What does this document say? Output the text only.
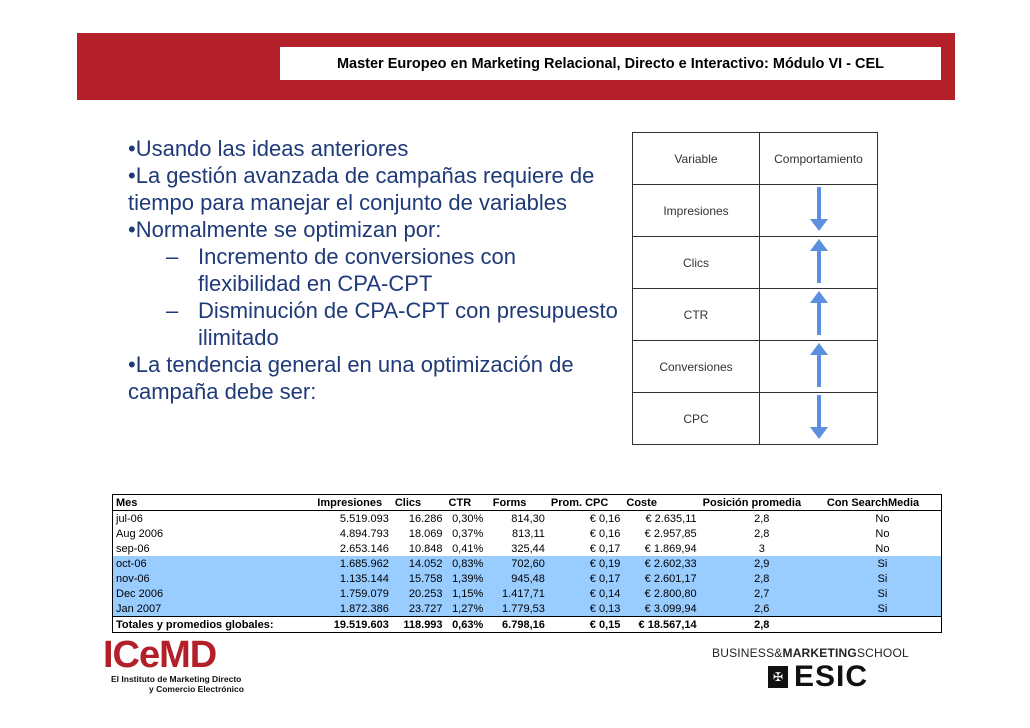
Master Europeo en Marketing Relacional, Directo e Interactivo: Módulo VI - CEL

•Usando las ideas anteriores

•La gestión avanzada de campañas requiere de tiempo para manejar el conjunto de variables

•Normalmente se optimizan por:

– Incremento de conversiones con flexibilidad en CPA-CPT
– Disminución de CPA-CPT con presupuesto ilimitado

•La tendencia general en una optimización de campaña debe ser:

Variable	Comportamiento
Impresiones	
Clics	
CTR	
Conversiones	
CPC	
Mes	Impresiones	Clics	CTR	Forms	Prom. CPC	Coste	Posición promedia	Con SearchMedia
jul-06	5.519.093	16.286	0,30%	814,30	€ 0,16	€ 2.635,11	2,8	No
Aug 2006	4.894.793	18.069	0,37%	813,11	€ 0,16	€ 2.957,85	2,8	No
sep-06	2.653.146	10.848	0,41%	325,44	€ 0,17	€ 1.869,94	3	No
oct-06	1.685.962	14.052	0,83%	702,60	€ 0,19	€ 2.602,33	2,9	Si
nov-06	1.135.144	15.758	1,39%	945,48	€ 0,17	€ 2.601,17	2,8	Si
Dec 2006	1.759.079	20.253	1,15%	1.417,71	€ 0,14	€ 2.800,80	2,7	Si
Jan 2007	1.872.386	23.727	1,27%	1.779,53	€ 0,13	€ 3.099,94	2,6	Si
Totales y promedios globales:	19.519.603	118.993	0,63%	6.798,16	€ 0,15	€ 18.567,14	2,8	
ICeMD
El Instituto de Marketing Directo
y Comercio Electrónico
BUSINESS&MARKETINGSCHOOL
✠ ESIC
